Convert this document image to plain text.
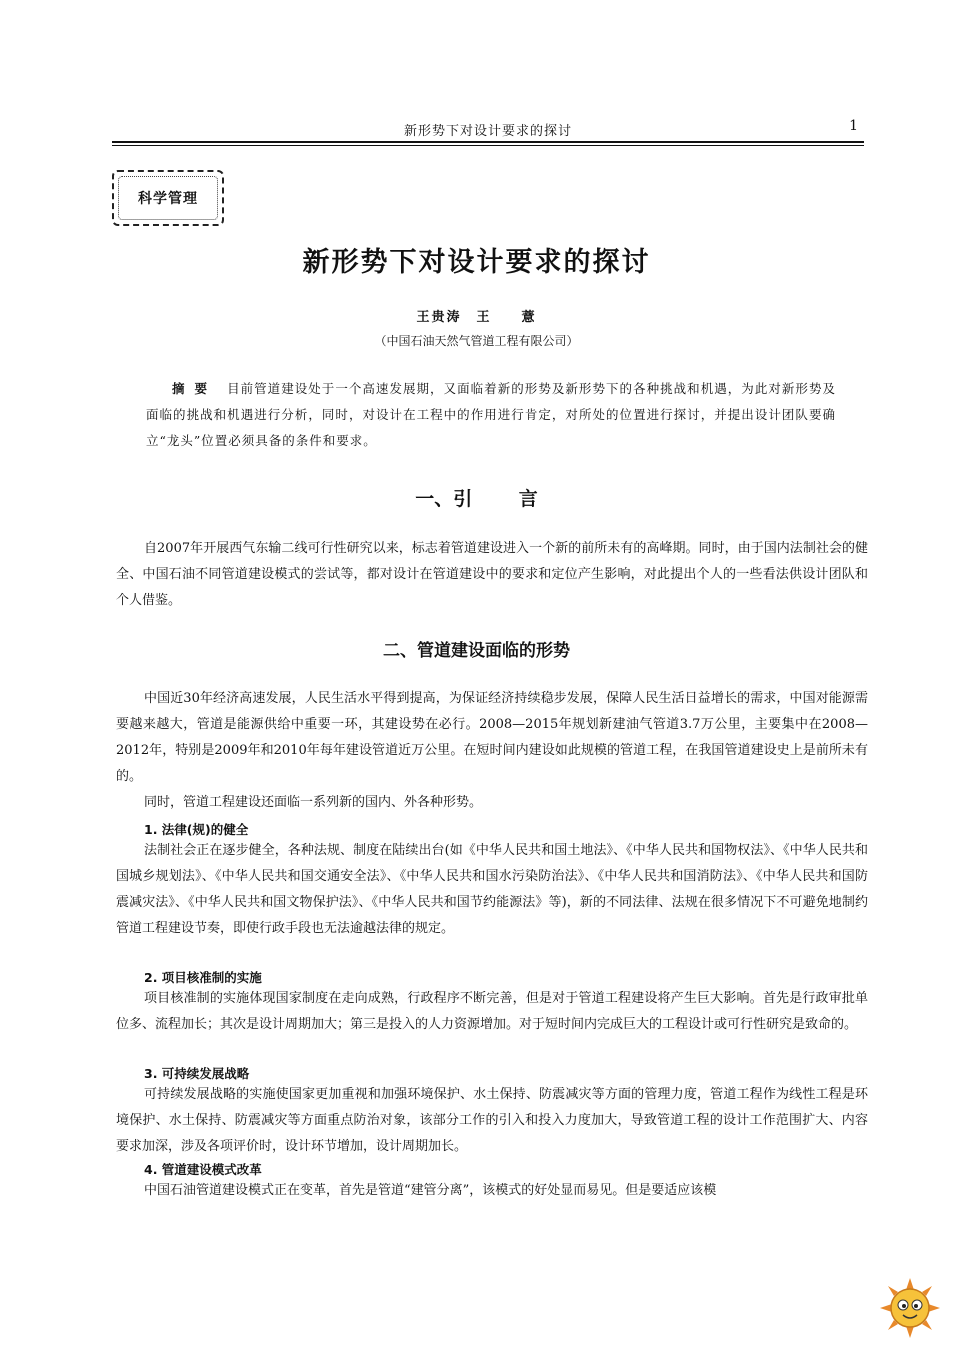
新形势下对设计要求的探讨	1
科学管理
新形势下对设计要求的探讨
王贵涛　王　　薏
（中国石油天然气管道工程有限公司）
摘要 目前管道建设处于一个高速发展期，又面临着新的形势及新形势下的各种挑战和机遇，为此对新形势及面临的挑战和机遇进行分析，同时，对设计在工程中的作用进行肯定，对所处的位置进行探讨，并提出设计团队要确立“龙头”位置必须具备的条件和要求。
一、引 言
自2007年开展西气东输二线可行性研究以来，标志着管道建设进入一个新的前所未有的高峰期。同时，由于国内法制社会的健全、中国石油不同管道建设模式的尝试等，都对设计在管道建设中的要求和定位产生影响，对此提出个人的一些看法供设计团队和个人借鉴。
二、管道建设面临的形势
中国近30年经济高速发展，人民生活水平得到提高，为保证经济持续稳步发展，保障人民生活日益增长的需求，中国对能源需要越来越大，管道是能源供给中重要一环，其建设势在必行。2008—2015年规划新建油气管道3.7万公里，主要集中在2008—2012年，特别是2009年和2010年每年建设管道近万公里。在短时间内建设如此规模的管道工程，在我国管道建设史上是前所未有的。
同时，管道工程建设还面临一系列新的国内、外各种形势。
1. 法律(规)的健全
法制社会正在逐步健全，各种法规、制度在陆续出台(如《中华人民共和国土地法》、《中华人民共和国物权法》、《中华人民共和国城乡规划法》、《中华人民共和国交通安全法》、《中华人民共和国水污染防治法》、《中华人民共和国消防法》、《中华人民共和国防震减灾法》、《中华人民共和国文物保护法》、《中华人民共和国节约能源法》等)，新的不同法律、法规在很多情况下不可避免地制约管道工程建设节奏，即使行政手段也无法逾越法律的规定。
2. 项目核准制的实施
项目核准制的实施体现国家制度在走向成熟，行政程序不断完善，但是对于管道工程建设将产生巨大影响。首先是行政审批单位多、流程加长；其次是设计周期加大；第三是投入的人力资源增加。对于短时间内完成巨大的工程设计或可行性研究是致命的。
3. 可持续发展战略
可持续发展战略的实施使国家更加重视和加强环境保护、水土保持、防震减灾等方面的管理力度，管道工程作为线性工程是环境保护、水土保持、防震减灾等方面重点防治对象，该部分工作的引入和投入力度加大，导致管道工程的设计工作范围扩大、内容要求加深，涉及各项评价时，设计环节增加，设计周期加长。
4. 管道建设模式改革
中国石油管道建设模式正在变革，首先是管道“建管分离”，该模式的好处显而易见。但是要适应该模
